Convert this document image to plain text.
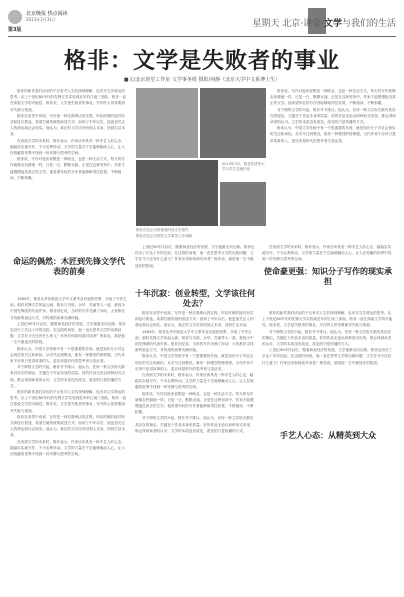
北京晚报 热点阅读
2013年3月31日
第3版
星期天 北京·讲堂·文学与我们的生活
格非：文学是失败者的事业
■文/北京讲堂工作室 文学事务组 摄影/何静（北京大学中文系博士生）

格非的新作我们读出的不仅有对人生的深刻理解，也有对文学命运的思考。从上个世纪80年代的先锋文学实验到近年的江南三部曲，格非一直在探索文学的可能性。格非说，文学是失败者的事业，写作的人常常要面对失败与孤独。

格非在讲堂中谈到，写作是一种自我辨认的过程。年轻时候的他对形式和技巧着迷，希望打破传统的叙述方式；而到了中年以后，他更加关注人的命运和社会现实。他认为，真正的文学应该回到人本身，回到生活本身。

在谈到文学的未来时，格非表示，作家应该具有一种手艺人的心态，踏踏实实地写作，不为名利所动。文学的力量在于它能够触动人心，让人在喧嚣的世界中找到一份安静与思考的空间。

格非说，写作对他来说既是一种职业，也是一种生活方式。每天的写作就像农民耕地一样，日复一日，默默无闻。正是在这种坚持中，作家才能慢慢接近真正的文学。他希望年轻的写作者能够耐得住寂寞，不断阅读，不断积累。

命运的偶然：木匠到先锋文学代表的前奏

1984年，格非从华东师范大学中文系毕业后留校任教，开始了写作生涯。那时先锋文学风起云涌，格非与马原、余华、苏童等人一道，被视为中国先锋派的代表作家。格非回忆说，当时的写作充满了冲动，大家都在寻找新的表达方式，对传统的叙事充满怀疑。

上世纪90年代以后，随着商品经济的发展，文学逐渐走向边缘。格非也经历了长达十年的沉寂。在这段时间里，他一直在思考文学的出路问题：文学在今天还有什么意义？作家应该如何面对读者？格非说，那是他一生中最迷茫的阶段。

格非认为，中国文学传统中有一个很重要的东西，就是知识分子对社会现实的关注和承担。从司马迁到鲁迅，都有一种强烈的使命感。当代作家不应该只是讲故事的人，更应该是时代的思考者与见证者。

对于网络文学的兴起，格非并不排斥。他认为，任何一种文学形式都有其存在的理由，关键在于作品本身的质量。好的作品无论以何种形式出现，都会得到读者的认可。文学的本质没有改变，改变的只是传播的方式。

格非的新作我们读出的不仅有对人生的深刻理解，也有对文学命运的思考。从上个世纪80年代的先锋文学实验到近年的江南三部曲，格非一直在探索文学的可能性。格非说，文学是失败者的事业，写作的人常常要面对失败与孤独。

格非在讲堂中谈到，写作是一种自我辨认的过程。年轻时候的他对形式和技巧着迷，希望打破传统的叙述方式；而到了中年以后，他更加关注人的命运和社会现实。他认为，真正的文学应该回到人本身，回到生活本身。

在谈到文学的未来时，格非表示，作家应该具有一种手艺人的心态，踏踏实实地写作，不为名利所动。文学的力量在于它能够触动人心，让人在喧嚣的世界中找到一份安静与思考的空间。

格非在北京讲堂做客时谈文学创作
格非在北京讲堂的文学事务工作间隙
2013年3月，格非在清华大学与学生交流讨论

格非说，写作对他来说既是一种职业，也是一种生活方式。每天的写作就像农民耕地一样，日复一日，默默无闻。正是在这种坚持中，作家才能慢慢接近真正的文学。他希望年轻的写作者能够耐得住寂寞，不断阅读，不断积累。

对于网络文学的兴起，格非并不排斥。他认为，任何一种文学形式都有其存在的理由，关键在于作品本身的质量。好的作品无论以何种形式出现，都会得到读者的认可。文学的本质没有改变，改变的只是传播的方式。

格非认为，中国文学传统中有一个很重要的东西，就是知识分子对社会现实的关注和承担。从司马迁到鲁迅，都有一种强烈的使命感。当代作家不应该只是讲故事的人，更应该是时代的思考者与见证者。

上世纪90年代以后，随着商品经济的发展，文学逐渐走向边缘。格非也经历了长达十年的沉寂。在这段时间里，他一直在思考文学的出路问题：文学在今天还有什么意义？作家应该如何面对读者？格非说，那是他一生中最迷茫的阶段。

十年沉寂：创业转型，文学该往何处去？

格非在讲堂中谈到，写作是一种自我辨认的过程。年轻时候的他对形式和技巧着迷，希望打破传统的叙述方式；而到了中年以后，他更加关注人的命运和社会现实。他认为，真正的文学应该回到人本身，回到生活本身。

1984年，格非从华东师范大学中文系毕业后留校任教，开始了写作生涯。那时先锋文学风起云涌，格非与马原、余华、苏童等人一道，被视为中国先锋派的代表作家。格非回忆说，当时的写作充满了冲动，大家都在寻找新的表达方式，对传统的叙事充满怀疑。

格非认为，中国文学传统中有一个很重要的东西，就是知识分子对社会现实的关注和承担。从司马迁到鲁迅，都有一种强烈的使命感。当代作家不应该只是讲故事的人，更应该是时代的思考者与见证者。

在谈到文学的未来时，格非表示，作家应该具有一种手艺人的心态，踏踏实实地写作，不为名利所动。文学的力量在于它能够触动人心，让人在喧嚣的世界中找到一份安静与思考的空间。

格非说，写作对他来说既是一种职业，也是一种生活方式。每天的写作就像农民耕地一样，日复一日，默默无闻。正是在这种坚持中，作家才能慢慢接近真正的文学。他希望年轻的写作者能够耐得住寂寞，不断阅读，不断积累。

对于网络文学的兴起，格非并不排斥。他认为，任何一种文学形式都有其存在的理由，关键在于作品本身的质量。好的作品无论以何种形式出现，都会得到读者的认可。文学的本质没有改变，改变的只是传播的方式。

在谈到文学的未来时，格非表示，作家应该具有一种手艺人的心态，踏踏实实地写作，不为名利所动。文学的力量在于它能够触动人心，让人在喧嚣的世界中找到一份安静与思考的空间。

使命豪更强：知识分子写作的现实承担

格非的新作我们读出的不仅有对人生的深刻理解，也有对文学命运的思考。从上个世纪80年代的先锋文学实验到近年的江南三部曲，格非一直在探索文学的可能性。格非说，文学是失败者的事业，写作的人常常要面对失败与孤独。

对于网络文学的兴起，格非并不排斥。他认为，任何一种文学形式都有其存在的理由，关键在于作品本身的质量。好的作品无论以何种形式出现，都会得到读者的认可。文学的本质没有改变，改变的只是传播的方式。

上世纪90年代以后，随着商品经济的发展，文学逐渐走向边缘。格非也经历了长达十年的沉寂。在这段时间里，他一直在思考文学的出路问题：文学在今天还有什么意义？作家应该如何面对读者？格非说，那是他一生中最迷茫的阶段。

手艺人心态：从精英到大众
